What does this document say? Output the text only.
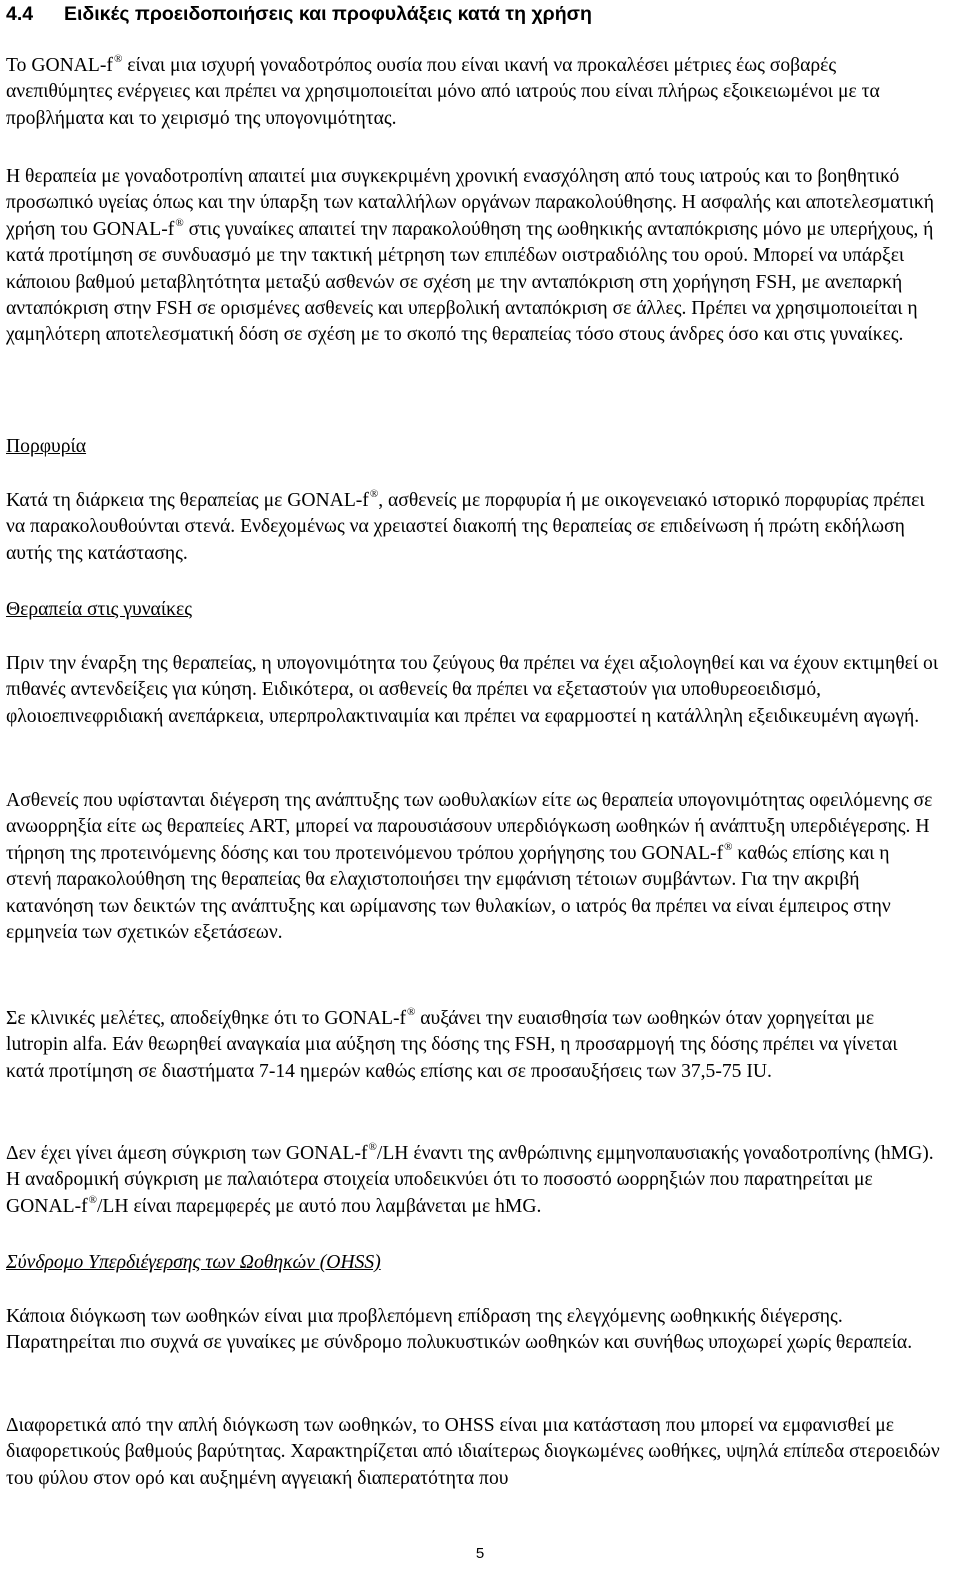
4.4 Ειδικές προειδοποιήσεις και προφυλάξεις κατά τη χρήση

Το GONAL-f® είναι μια ισχυρή γοναδοτρόπος ουσία που είναι ικανή να προκαλέσει μέτριες έως σοβαρές ανεπιθύμητες ενέργειες και πρέπει να χρησιμοποιείται μόνο από ιατρούς που είναι πλήρως εξοικειωμένοι με τα προβλήματα και το χειρισμό της υπογονιμότητας.

Η θεραπεία με γοναδοτροπίνη απαιτεί μια συγκεκριμένη χρονική ενασχόληση από τους ιατρούς και το βοηθητικό προσωπικό υγείας όπως και την ύπαρξη των καταλλήλων οργάνων παρακολούθησης. Η ασφαλής και αποτελεσματική χρήση του GONAL-f® στις γυναίκες απαιτεί την παρακολούθηση της ωοθηκικής ανταπόκρισης μόνο με υπερήχους, ή κατά προτίμηση σε συνδυασμό με την τακτική μέτρηση των επιπέδων οιστραδιόλης του ορού. Μπορεί να υπάρξει κάποιου βαθμού μεταβλητότητα μεταξύ ασθενών σε σχέση με την ανταπόκριση στη χορήγηση FSH, με ανεπαρκή ανταπόκριση στην FSH σε ορισμένες ασθενείς και υπερβολική ανταπόκριση σε άλλες. Πρέπει να χρησιμοποιείται η χαμηλότερη αποτελεσματική δόση σε σχέση με το σκοπό της θεραπείας τόσο στους άνδρες όσο και στις γυναίκες.

Πορφυρία

Κατά τη διάρκεια της θεραπείας με GONAL-f®, ασθενείς με πορφυρία ή με οικογενειακό ιστορικό πορφυρίας πρέπει να παρακολουθούνται στενά. Ενδεχομένως να χρειαστεί διακοπή της θεραπείας σε επιδείνωση ή πρώτη εκδήλωση αυτής της κατάστασης.

Θεραπεία στις γυναίκες

Πριν την έναρξη της θεραπείας, η υπογονιμότητα του ζεύγους θα πρέπει να έχει αξιολογηθεί και να έχουν εκτιμηθεί οι πιθανές αντενδείξεις για κύηση. Ειδικότερα, οι ασθενείς θα πρέπει να εξεταστούν για υποθυρεοειδισμό, φλοιοεπινεφριδιακή ανεπάρκεια, υπερπρολακτιναιμία και πρέπει να εφαρμοστεί η κατάλληλη εξειδικευμένη αγωγή.

Ασθενείς που υφίστανται διέγερση της ανάπτυξης των ωοθυλακίων είτε ως θεραπεία υπογονιμότητας οφειλόμενης σε ανωορρηξία είτε ως θεραπείες ART, μπορεί να παρουσιάσουν υπερδιόγκωση ωοθηκών ή ανάπτυξη υπερδιέγερσης. Η τήρηση της προτεινόμενης δόσης και του προτεινόμενου τρόπου χορήγησης του GONAL-f® καθώς επίσης και η στενή παρακολούθηση της θεραπείας θα ελαχιστοποιήσει την εμφάνιση τέτοιων συμβάντων. Για την ακριβή κατανόηση των δεικτών της ανάπτυξης και ωρίμανσης των θυλακίων, ο ιατρός θα πρέπει να είναι έμπειρος στην ερμηνεία των σχετικών εξετάσεων.

Σε κλινικές μελέτες, αποδείχθηκε ότι το GONAL-f® αυξάνει την ευαισθησία των ωοθηκών όταν χορηγείται με lutropin alfa. Εάν θεωρηθεί αναγκαία μια αύξηση της δόσης της FSH, η προσαρμογή της δόσης πρέπει να γίνεται κατά προτίμηση σε διαστήματα 7-14 ημερών καθώς επίσης και σε προσαυξήσεις των 37,5-75 IU.

Δεν έχει γίνει άμεση σύγκριση των GONAL-f®/LH έναντι της ανθρώπινης εμμηνοπαυσιακής γοναδοτροπίνης (hMG). Η αναδρομική σύγκριση με παλαιότερα στοιχεία υποδεικνύει ότι το ποσοστό ωορρηξιών που παρατηρείται με GONAL-f®/LH είναι παρεμφερές με αυτό που λαμβάνεται με hMG.

Σύνδρομο Υπερδιέγερσης των Ωοθηκών (OHSS)

Κάποια διόγκωση των ωοθηκών είναι μια προβλεπόμενη επίδραση της ελεγχόμενης ωοθηκικής διέγερσης. Παρατηρείται πιο συχνά σε γυναίκες με σύνδρομο πολυκυστικών ωοθηκών και συνήθως υποχωρεί χωρίς θεραπεία.

Διαφορετικά από την απλή διόγκωση των ωοθηκών, το OHSS είναι μια κατάσταση που μπορεί να εμφανισθεί με διαφορετικούς βαθμούς βαρύτητας. Χαρακτηρίζεται από ιδιαίτερως διογκωμένες ωοθήκες, υψηλά επίπεδα στεροειδών του φύλου στον ορό και αυξημένη αγγειακή διαπερατότητα που

5
